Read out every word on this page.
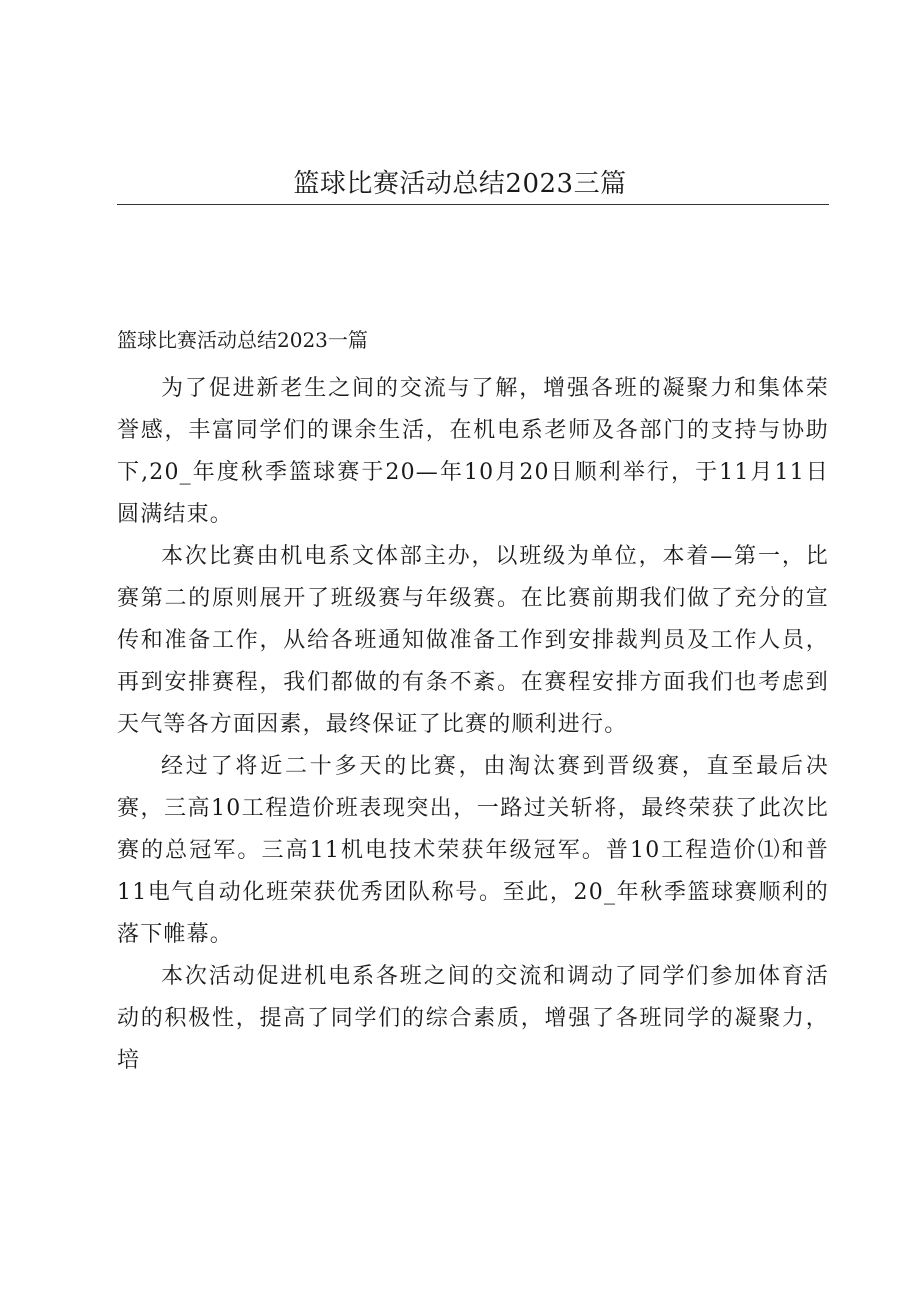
篮球比赛活动总结2023三篇
篮球比赛活动总结2023一篇

为了促进新老生之间的交流与了解，增强各班的凝聚力和集体荣誉感，丰富同学们的课余生活，在机电系老师及各部门的支持与协助下,20_年度秋季篮球赛于20—年10月20日顺利举行，于11月11日圆满结束。

本次比赛由机电系文体部主办，以班级为单位，本着—第一，比赛第二的原则展开了班级赛与年级赛。在比赛前期我们做了充分的宣传和准备工作，从给各班通知做准备工作到安排裁判员及工作人员，再到安排赛程，我们都做的有条不紊。在赛程安排方面我们也考虑到天气等各方面因素，最终保证了比赛的顺利进行。

经过了将近二十多天的比赛，由淘汰赛到晋级赛，直至最后决赛，三高10工程造价班表现突出，一路过关斩将，最终荣获了此次比赛的总冠军。三高11机电技术荣获年级冠军。普10工程造价⑴和普11电气自动化班荣获优秀团队称号。至此，20_年秋季篮球赛顺利的落下帷幕。

本次活动促进机电系各班之间的交流和调动了同学们参加体育活动的积极性，提高了同学们的综合素质，增强了各班同学的凝聚力，培
